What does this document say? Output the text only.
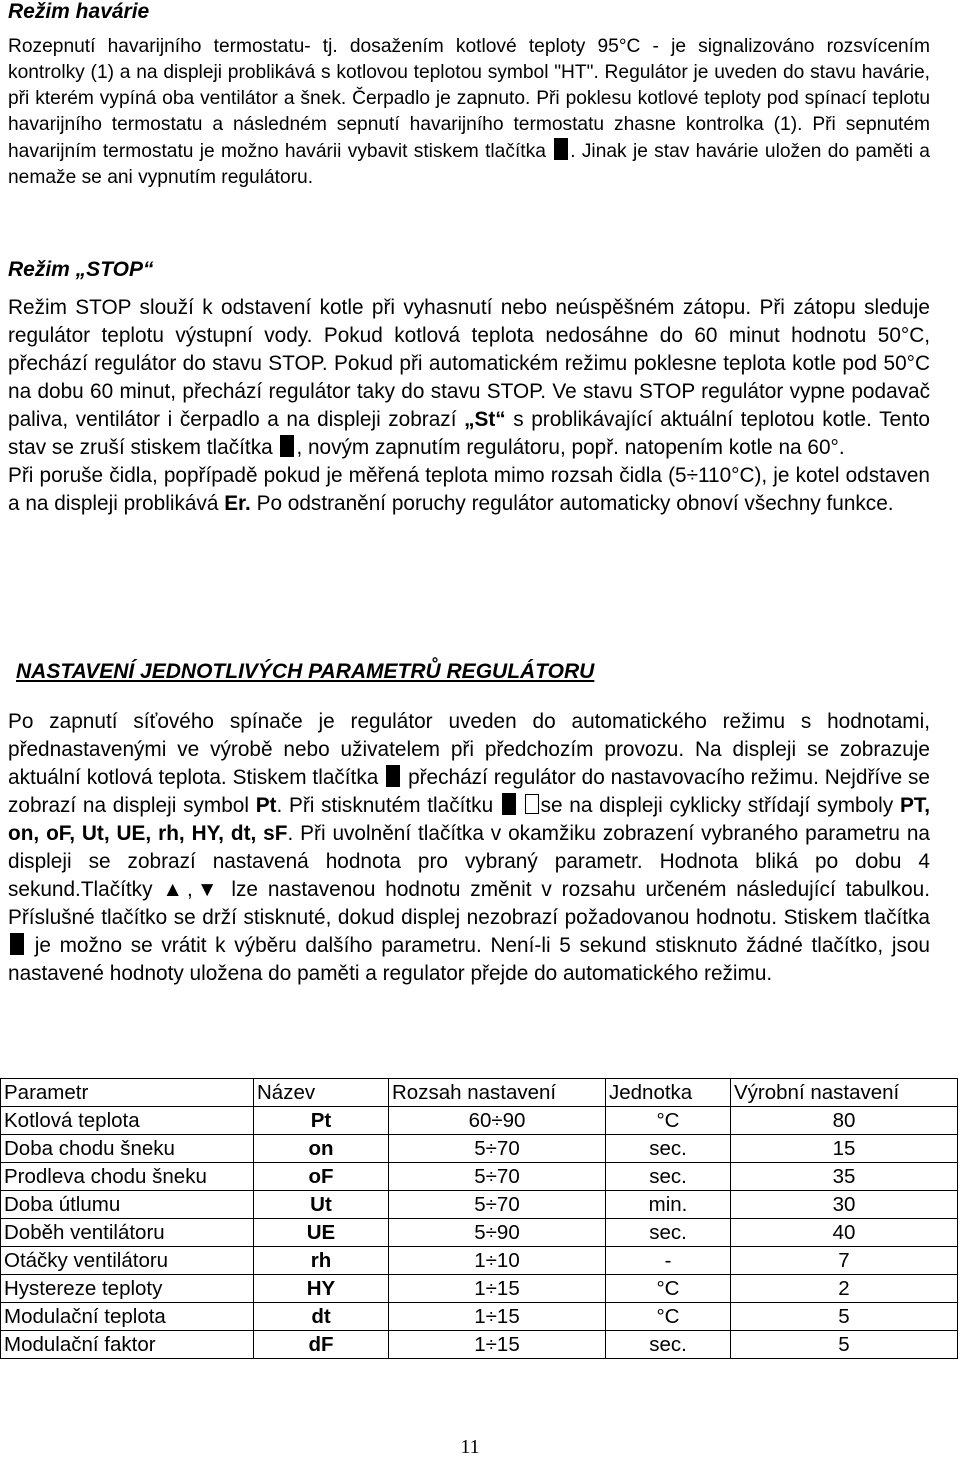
Režim havárie

Rozepnutí havarijního termostatu- tj. dosažením kotlové teploty 95°C - je signalizováno rozsvícením kontrolky (1) a na displeji problikává s kotlovou teplotou symbol "HT". Regulátor je uveden do stavu havárie, při kterém vypíná oba ventilátor a šnek. Čerpadlo je zapnuto. Při poklesu kotlové teploty pod spínací teplotu havarijního termostatu a následném sepnutí havarijního termostatu zhasne kontrolka (1). Při sepnutém havarijním termostatu je možno havárii vybavit stiskem tlačítka . Jinak je stav havárie uložen do paměti a nemaže se ani vypnutím regulátoru.

Režim „STOP“

Režim STOP slouží k odstavení kotle při vyhasnutí nebo neúspěšném zátopu. Při zátopu sleduje regulátor teplotu výstupní vody. Pokud kotlová teplota nedosáhne do 60 minut hodnotu 50°C, přechází regulátor do stavu STOP. Pokud při automatickém režimu poklesne teplota kotle pod 50°C na dobu 60 minut, přechází regulátor taky do stavu STOP. Ve stavu STOP regulátor vypne podavač paliva, ventilátor i čerpadlo a na displeji zobrazí „St“ s problikávající aktuální teplotou kotle. Tento stav se zruší stiskem tlačítka , novým zapnutím regulátoru, popř. natopením kotle na 60°.

Při poruše čidla, popřípadě pokud je měřená teplota mimo rozsah čidla (5÷110°C), je kotel odstaven a na displeji problikává Er. Po odstranění poruchy regulátor automaticky obnoví všechny funkce.

NASTAVENÍ JEDNOTLIVÝCH PARAMETRŮ REGULÁTORU

Po zapnutí síťového spínače je regulátor uveden do automatického režimu s hodnotami, přednastavenými ve výrobě nebo uživatelem při předchozím provozu. Na displeji se zobrazuje aktuální kotlová teplota. Stiskem tlačítka  přechází regulátor do nastavovacího režimu. Nejdříve se zobrazí na displeji symbol Pt. Při stisknutém tlačítku  se na displeji cyklicky střídají symboly PT, on, oF, Ut, UE, rh, HY, dt, sF. Při uvolnění tlačítka v okamžiku zobrazení vybraného parametru na displeji se zobrazí nastavená hodnota pro vybraný parametr. Hodnota bliká po dobu 4 sekund.Tlačítky ▲,▼ lze nastavenou hodnotu změnit v rozsahu určeném následující tabulkou. Příslušné tlačítko se drží stisknuté, dokud displej nezobrazí požadovanou hodnotu. Stiskem tlačítka  je možno se vrátit k výběru dalšího parametru. Není-li 5 sekund stisknuto žádné tlačítko, jsou nastavené hodnoty uložena do paměti a regulator přejde do automatického režimu.

Parametr	Název	Rozsah nastavení	Jednotka	Výrobní nastavení
Kotlová teplota	Pt	60÷90	°C	80
Doba chodu šneku	on	5÷70	sec.	15
Prodleva chodu šneku	oF	5÷70	sec.	35
Doba útlumu	Ut	5÷70	min.	30
Doběh ventilátoru	UE	5÷90	sec.	40
Otáčky ventilátoru	rh	1÷10	-	7
Hystereze teploty	HY	1÷15	°C	2
Modulační teplota	dt	1÷15	°C	5
Modulační faktor	dF	1÷15	sec.	5
11
